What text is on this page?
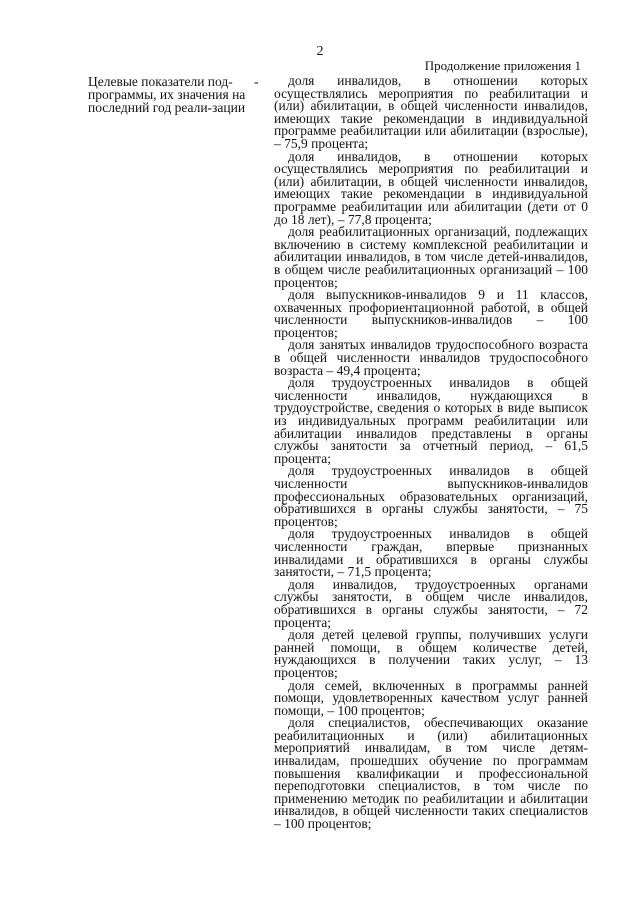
2
Продолжение приложения 1
Целевые показатели под-программы, их значения на последний год реали-зации
-	доля инвалидов, в отношении которых осуществлялись мероприятия по реабилитации и (или) абилитации, в общей численности инвалидов, имеющих такие рекомендации в индивидуальной программе реабилитации или абилитации (взрослые), – 75,9 процента;

доля инвалидов, в отношении которых осуществлялись мероприятия по реабилитации и (или) абилитации, в общей численности инвалидов, имеющих такие рекомендации в индивидуальной программе реабилитации или абилитации (дети от 0 до 18 лет), – 77,8 процента;

доля реабилитационных организаций, подлежащих включению в систему комплексной реабилитации и абилитации инвалидов, в том числе детей-инвалидов, в общем числе реабилитационных организаций – 100 процентов;

доля выпускников-инвалидов 9 и 11 классов, охваченных профориентационной работой, в общей численности выпускников-инвалидов – 100 процентов;

доля занятых инвалидов трудоспособного возраста в общей численности инвалидов трудоспособного возраста – 49,4 процента;

доля трудоустроенных инвалидов в общей численности инвалидов, нуждающихся в трудоустройстве, сведения о которых в виде выписок из индивидуальных программ реабилитации или абилитации инвалидов представлены в органы службы занятости за отчетный период, – 61,5 процента;

доля трудоустроенных инвалидов в общей численности выпускников-инвалидов профессиональных образовательных организаций, обратившихся в органы службы занятости, – 75 процентов;

доля трудоустроенных инвалидов в общей численности граждан, впервые признанных инвалидами и обратившихся в органы службы занятости, – 71,5 процента;

доля инвалидов, трудоустроенных органами службы занятости, в общем числе инвалидов, обратившихся в органы службы занятости, – 72 процента;

доля детей целевой группы, получивших услуги ранней помощи, в общем количестве детей, нуждающихся в получении таких услуг, – 13 процентов;

доля семей, включенных в программы ранней помощи, удовлетворенных качеством услуг ранней помощи, – 100 процентов;

доля специалистов, обеспечивающих оказание реабилитационных и (или) абилитационных мероприятий инвалидам, в том числе детям-инвалидам, прошедших обучение по программам повышения квалификации и профессиональной переподготовки специалистов, в том числе по применению методик по реабилитации и абилитации инвалидов, в общей численности таких специалистов – 100 процентов;
